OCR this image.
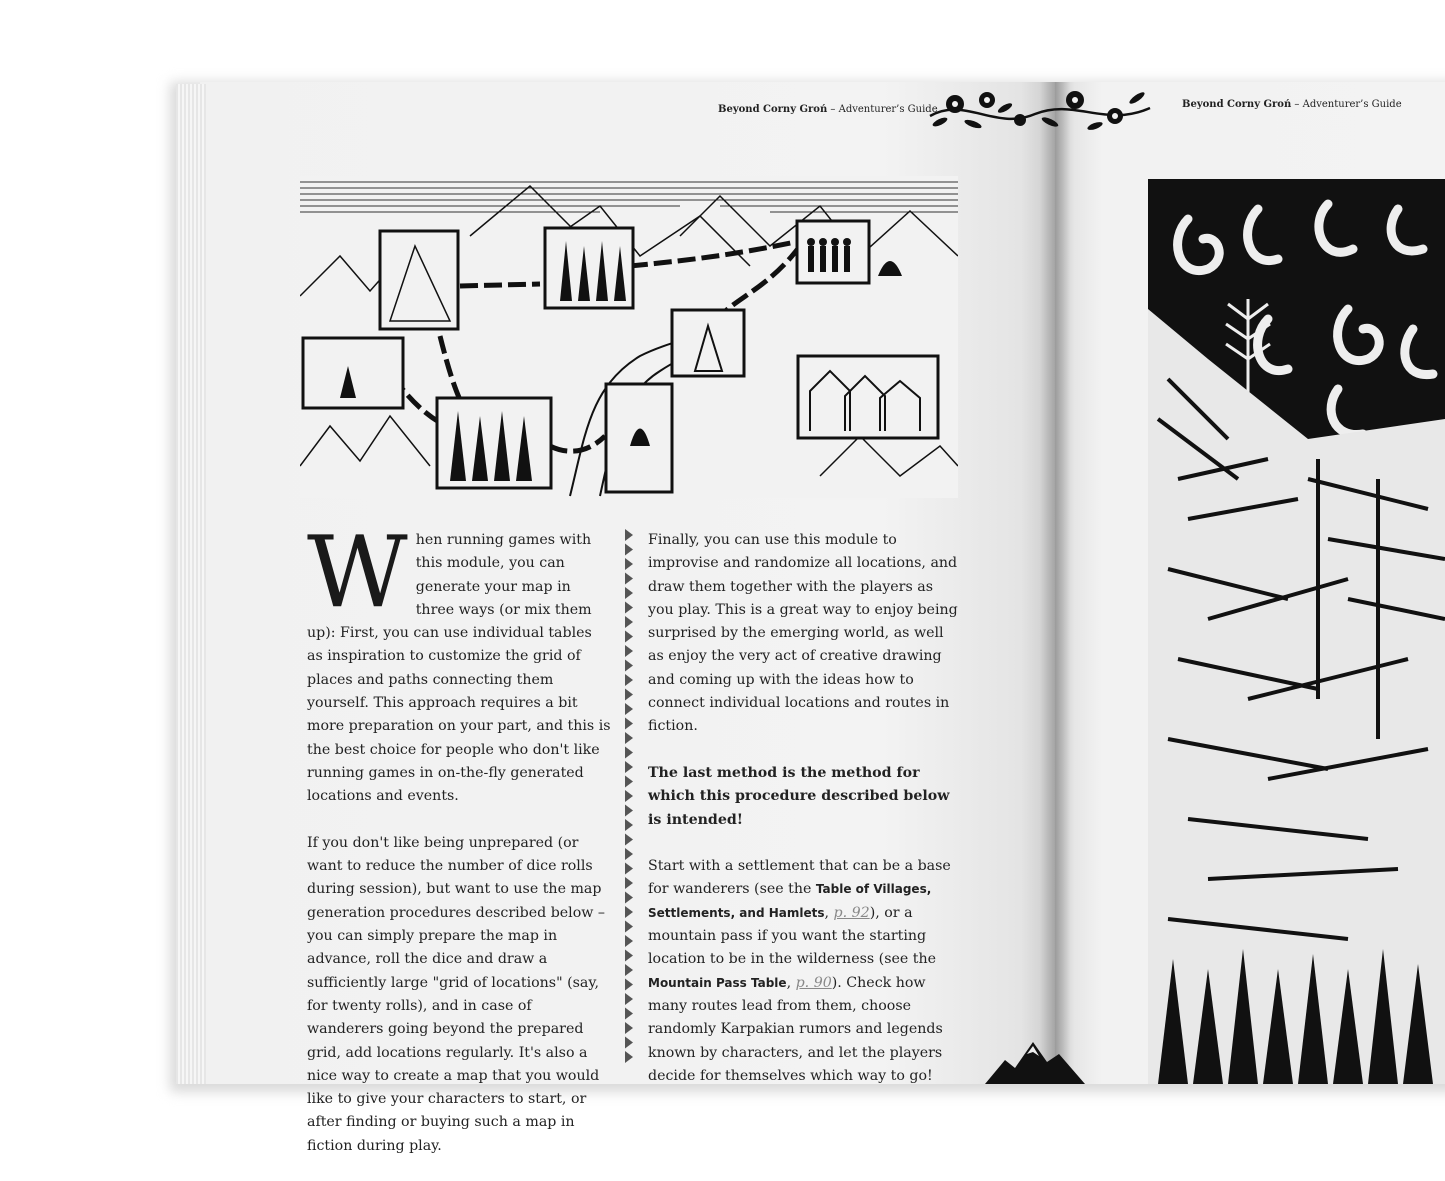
Beyond Corny Groń – Adventurer’s Guide	Beyond Corny Groń – Adventurer’s Guide
W hen running games with this module, you can generate your map in three ways (or mix them up): First, you can use individual tables as inspiration to customize the grid of places and paths connecting them yourself. This approach requires a bit more preparation on your part, and this is the best choice for people who don't like running games in on-the-fly generated locations and events.

If you don't like being unprepared (or want to reduce the number of dice rolls during session), but want to use the map generation procedures described below – you can simply prepare the map in advance, roll the dice and draw a sufficiently large "grid of locations" (say, for twenty rolls), and in case of wanderers going beyond the prepared grid, add locations regularly. It's also a nice way to create a map that you would like to give your characters to start, or after finding or buying such a map in fiction during play.

Finally, you can use this module to improvise and randomize all locations, and draw them together with the players as you play. This is a great way to enjoy being surprised by the emerging world, as well as enjoy the very act of creative drawing and coming up with the ideas how to connect individual locations and routes in fiction.

The last method is the method for which this procedure described below is intended!

Start with a settlement that can be a base for wanderers (see the Table of Villages, Settlements, and Hamlets, p. 92), or a mountain pass if you want the starting location to be in the wilderness (see the Mountain Pass Table, p. 90). Check how many routes lead from them, choose randomly Karpakian rumors and legends known by characters, and let the players decide for themselves which way to go!
